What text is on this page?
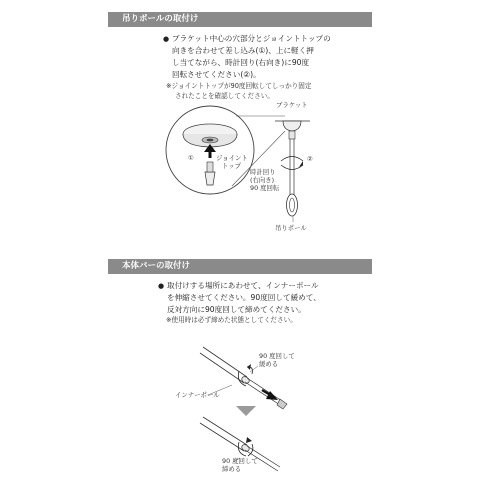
吊りポールの取付け
● ブラケット中心の穴部分とジョイントトップの
向きを合わせて差し込み(①)、上に軽く押
し当てながら、時計回り(右向き)に90度
回転させてください(②)。
※ジョイントトップが90度回転してしっかり固定
されたことを確認してください。
ブラケット
①	ジョイント
トップ
②
時計回り
(右向き)
90 度回転
吊りポール
本体バーの取付け
● 取付けする場所にあわせて、インナーポール
を伸縮させてください。90度回して緩めて、
反対方向に90度回して締めてください。
※使用時は必ず締めた状態としてください。
90 度回して
緩める
インナーポール
90 度回して
締める
